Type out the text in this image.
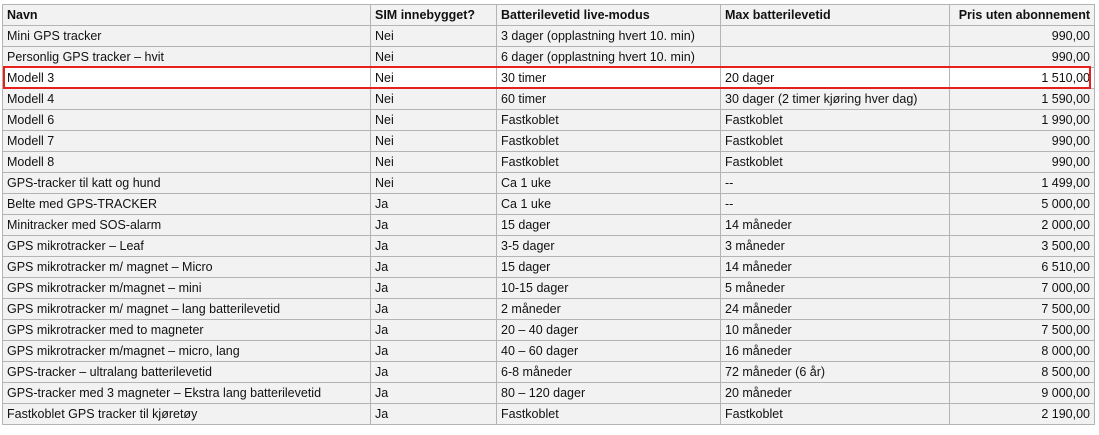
Navn	SIM innebygget?	Batterilevetid live-modus	Max batterilevetid	Pris uten abonnement
Mini GPS tracker	Nei	3 dager (opplastning hvert 10. min)		990,00
Personlig GPS tracker – hvit	Nei	6 dager (opplastning hvert 10. min)		990,00
Modell 3	Nei	30 timer	20 dager	1 510,00
Modell 4	Nei	60 timer	30 dager (2 timer kjøring hver dag)	1 590,00
Modell 6	Nei	Fastkoblet	Fastkoblet	1 990,00
Modell 7	Nei	Fastkoblet	Fastkoblet	990,00
Modell 8	Nei	Fastkoblet	Fastkoblet	990,00
GPS-tracker til katt og hund	Nei	Ca 1 uke	--	1 499,00
Belte med GPS-TRACKER	Ja	Ca 1 uke	--	5 000,00
Minitracker med SOS-alarm	Ja	15 dager	14 måneder	2 000,00
GPS mikrotracker – Leaf	Ja	3-5 dager	3 måneder	3 500,00
GPS mikrotracker m/ magnet – Micro	Ja	15 dager	14 måneder	6 510,00
GPS mikrotracker m/magnet – mini	Ja	10-15 dager	5 måneder	7 000,00
GPS mikrotracker m/ magnet – lang batterilevetid	Ja	2 måneder	24 måneder	7 500,00
GPS mikrotracker med to magneter	Ja	20 – 40 dager	10 måneder	7 500,00
GPS mikrotracker m/magnet – micro, lang	Ja	40 – 60 dager	16 måneder	8 000,00
GPS-tracker – ultralang batterilevetid	Ja	6-8 måneder	72 måneder (6 år)	8 500,00
GPS-tracker med 3 magneter – Ekstra lang batterilevetid	Ja	80 – 120 dager	20 måneder	9 000,00
Fastkoblet GPS tracker til kjøretøy	Ja	Fastkoblet	Fastkoblet	2 190,00
